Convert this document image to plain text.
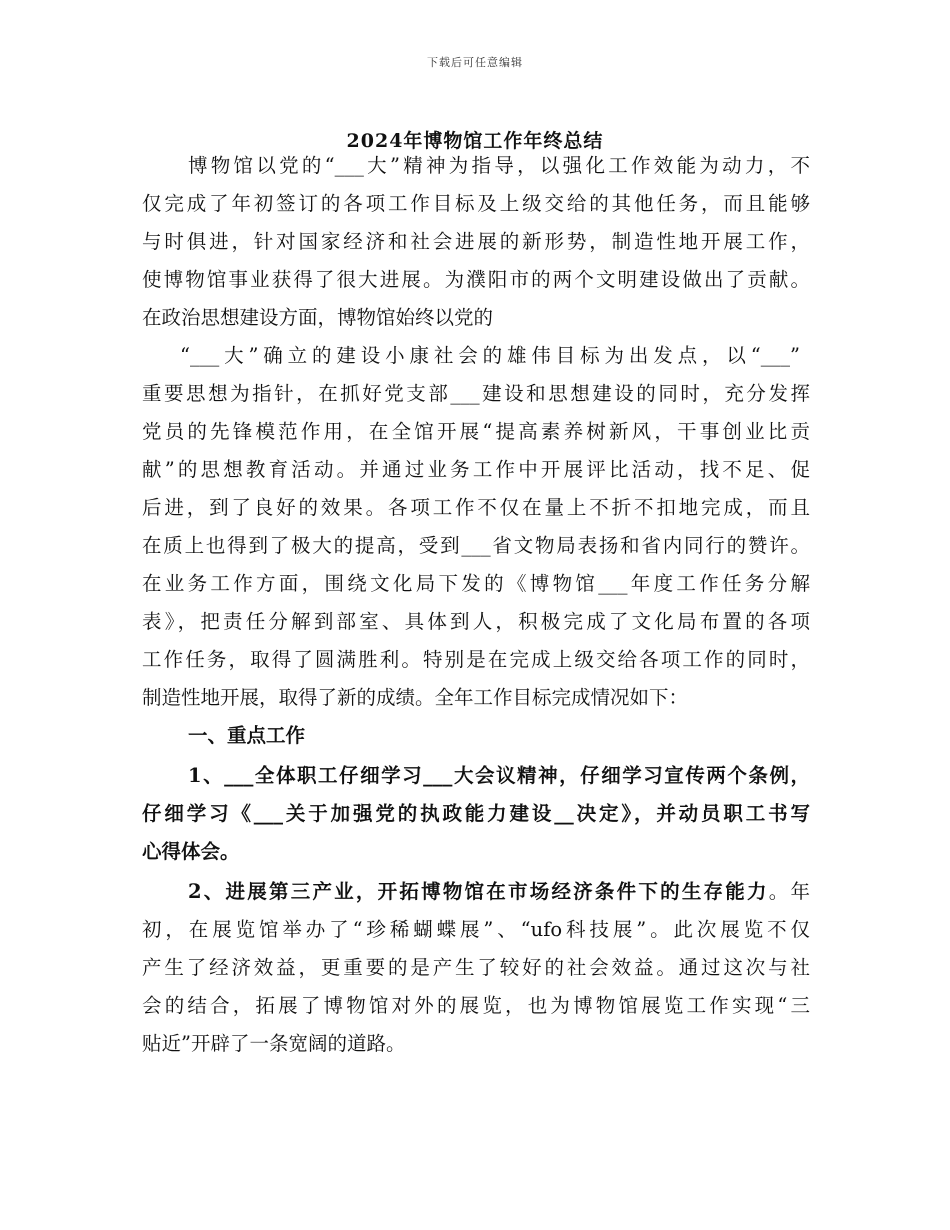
下载后可任意编辑
2024年博物馆工作年终总结
博物馆以党的“___大”精神为指导，以强化工作效能为动力，不
仅完成了年初签订的各项工作目标及上级交给的其他任务，而且能够
与时俱进，针对国家经济和社会进展的新形势，制造性地开展工作，
使博物馆事业获得了很大进展。为濮阳市的两个文明建设做出了贡献。
在政治思想建设方面，博物馆始终以党的
“___大”确立的建设小康社会的雄伟目标为出发点，以“___”
重要思想为指针，在抓好党支部___建设和思想建设的同时，充分发挥
党员的先锋模范作用，在全馆开展“提高素养树新风，干事创业比贡
献”的思想教育活动。并通过业务工作中开展评比活动，找不足、促
后进，到了良好的效果。各项工作不仅在量上不折不扣地完成，而且
在质上也得到了极大的提高，受到___省文物局表扬和省内同行的赞许。
在业务工作方面，围绕文化局下发的《博物馆___年度工作任务分解
表》，把责任分解到部室、具体到人，积极完成了文化局布置的各项
工作任务，取得了圆满胜利。特别是在完成上级交给各项工作的同时，
制造性地开展，取得了新的成绩。全年工作目标完成情况如下：
一、重点工作
1、___全体职工仔细学习___大会议精神，仔细学习宣传两个条例，
仔细学习《___关于加强党的执政能力建设__决定》，并动员职工书写
心得体会。
2、进展第三产业，开拓博物馆在市场经济条件下的生存能力。年
初，在展览馆举办了“珍稀蝴蝶展”、“ufo科技展”。此次展览不仅
产生了经济效益，更重要的是产生了较好的社会效益。通过这次与社
会的结合，拓展了博物馆对外的展览，也为博物馆展览工作实现“三
贴近”开辟了一条宽阔的道路。
